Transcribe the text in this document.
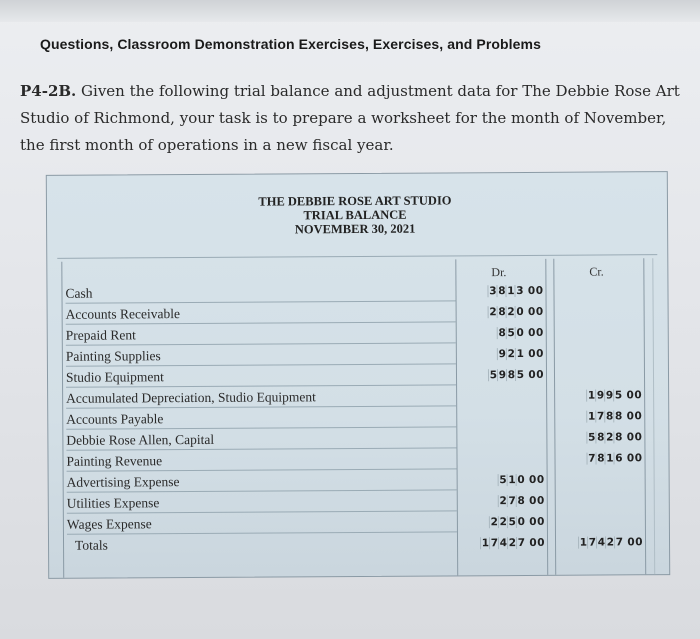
Questions, Classroom Demonstration Exercises, Exercises, and Problems
P4-2B. Given the following trial balance and adjustment data for The Debbie Rose Art Studio of Richmond, your task is to prepare a worksheet for the month of November, the first month of operations in a new fiscal year.
THE DEBBIE ROSE ART STUDIO
TRIAL BALANCE
NOVEMBER 30, 2021
Dr.	Cr.
Cash
Accounts Receivable
Prepaid Rent
Painting Supplies
Studio Equipment
Accumulated Depreciation, Studio Equipment
Accounts Payable
Debbie Rose Allen, Capital
Painting Revenue
Advertising Expense
Utilities Expense
Wages Expense
Totals
3 8 1 3 00
2 8 2 0 00
8 5 0 00
9 2 1 00
5 9 8 5 00
5 1 0 00
2 7 8 00
2 2 5 0 00
1 7 4 2 7 00
1 9 9 5 00
1 7 8 8 00
5 8 2 8 00
7 8 1 6 00
1 7 4 2 7 00
